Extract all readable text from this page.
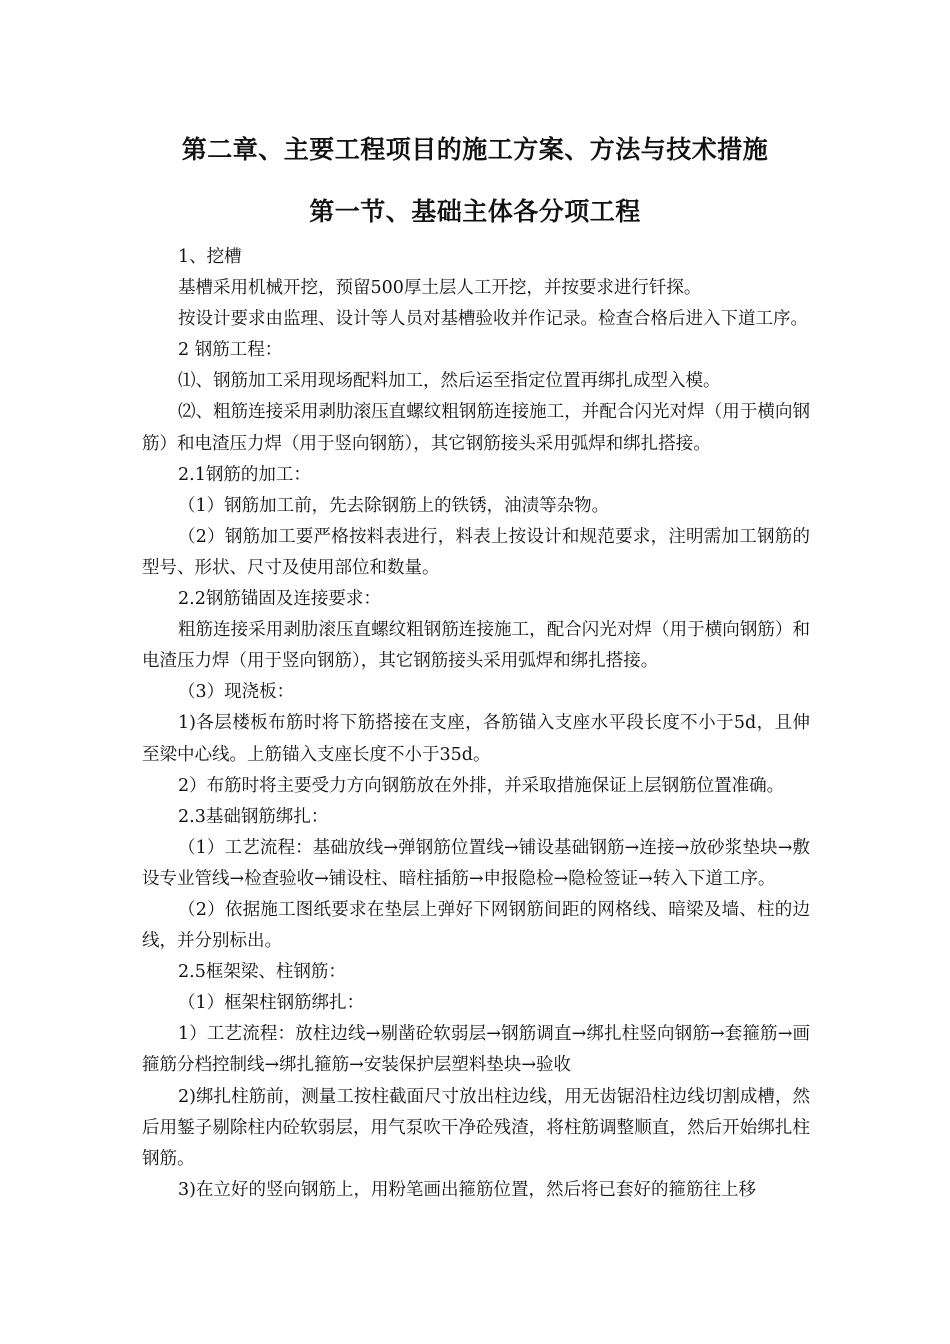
第二章、主要工程项目的施工方案、方法与技术措施
第一节、基础主体各分项工程

1、挖槽

基槽采用机械开挖，预留500厚土层人工开挖，并按要求进行钎探。

按设计要求由监理、设计等人员对基槽验收并作记录。检查合格后进入下道工序。

2 钢筋工程：

⑴、钢筋加工采用现场配料加工，然后运至指定位置再绑扎成型入模。

⑵、粗筋连接采用剥肋滚压直螺纹粗钢筋连接施工，并配合闪光对焊（用于横向钢筋）和电渣压力焊（用于竖向钢筋），其它钢筋接头采用弧焊和绑扎搭接。

2.1钢筋的加工：

（1）钢筋加工前，先去除钢筋上的铁锈，油渍等杂物。

（2）钢筋加工要严格按料表进行，料表上按设计和规范要求，注明需加工钢筋的型号、形状、尺寸及使用部位和数量。

2.2钢筋锚固及连接要求：

粗筋连接采用剥肋滚压直螺纹粗钢筋连接施工，配合闪光对焊（用于横向钢筋）和电渣压力焊（用于竖向钢筋），其它钢筋接头采用弧焊和绑扎搭接。

（3）现浇板：

1)各层楼板布筋时将下筋搭接在支座，各筋锚入支座水平段长度不小于5d，且伸至梁中心线。上筋锚入支座长度不小于35d。

2）布筋时将主要受力方向钢筋放在外排，并采取措施保证上层钢筋位置准确。

2.3基础钢筋绑扎：

（1）工艺流程：基础放线→弹钢筋位置线→铺设基础钢筋→连接→放砂浆垫块→敷设专业管线→检查验收→铺设柱、暗柱插筋→申报隐检→隐检签证→转入下道工序。

（2）依据施工图纸要求在垫层上弹好下网钢筋间距的网格线、暗梁及墙、柱的边线，并分别标出。

2.5框架梁、柱钢筋：

（1）框架柱钢筋绑扎：

1）工艺流程：放柱边线→剔凿砼软弱层→钢筋调直→绑扎柱竖向钢筋→套箍筋→画箍筋分档控制线→绑扎箍筋→安装保护层塑料垫块→验收

2)绑扎柱筋前，测量工按柱截面尺寸放出柱边线，用无齿锯沿柱边线切割成槽，然后用錾子剔除柱内砼软弱层，用气泵吹干净砼残渣，将柱筋调整顺直，然后开始绑扎柱钢筋。

3)在立好的竖向钢筋上，用粉笔画出箍筋位置，然后将已套好的箍筋往上移
